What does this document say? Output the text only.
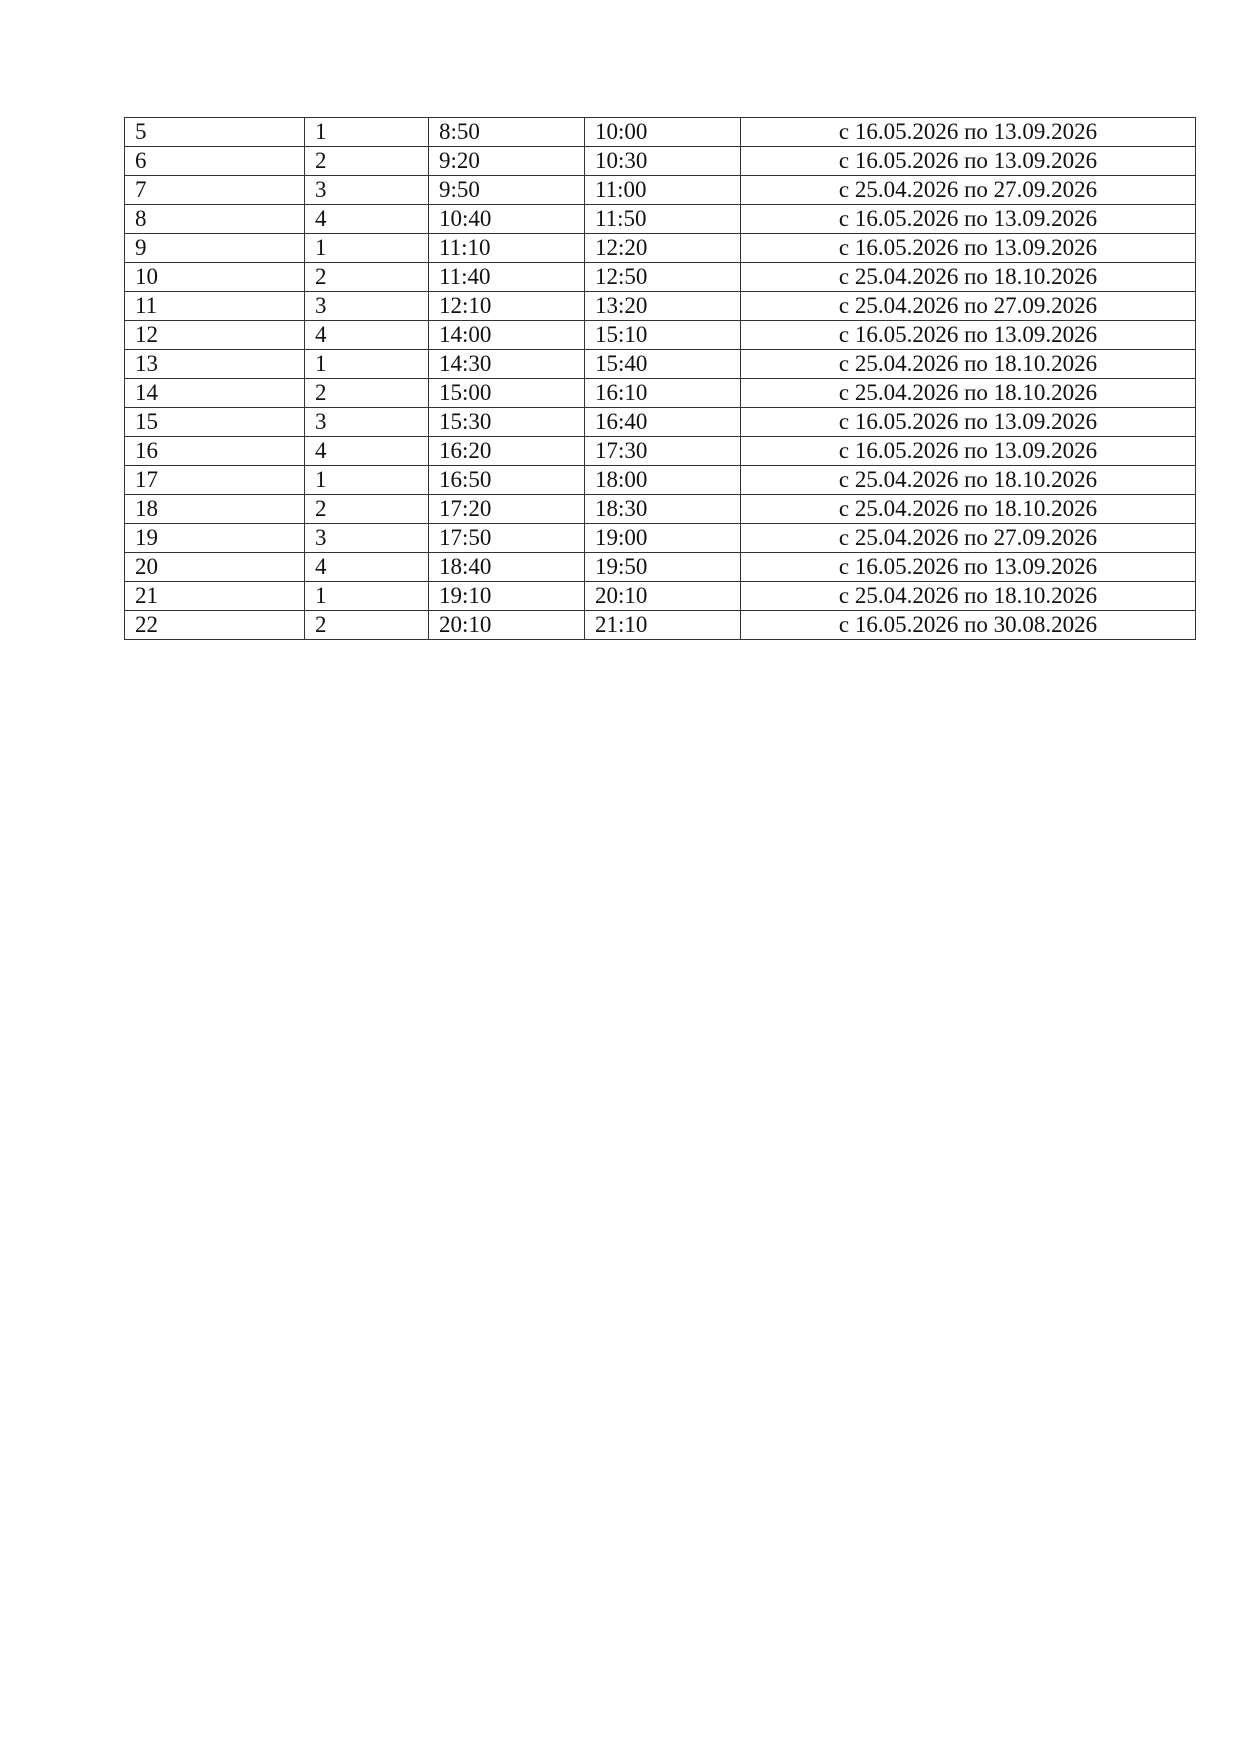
5	1	8:50	10:00	с 16.05.2026 по 13.09.2026
6	2	9:20	10:30	с 16.05.2026 по 13.09.2026
7	3	9:50	11:00	с 25.04.2026 по 27.09.2026
8	4	10:40	11:50	с 16.05.2026 по 13.09.2026
9	1	11:10	12:20	с 16.05.2026 по 13.09.2026
10	2	11:40	12:50	с 25.04.2026 по 18.10.2026
11	3	12:10	13:20	с 25.04.2026 по 27.09.2026
12	4	14:00	15:10	с 16.05.2026 по 13.09.2026
13	1	14:30	15:40	с 25.04.2026 по 18.10.2026
14	2	15:00	16:10	с 25.04.2026 по 18.10.2026
15	3	15:30	16:40	с 16.05.2026 по 13.09.2026
16	4	16:20	17:30	с 16.05.2026 по 13.09.2026
17	1	16:50	18:00	с 25.04.2026 по 18.10.2026
18	2	17:20	18:30	с 25.04.2026 по 18.10.2026
19	3	17:50	19:00	с 25.04.2026 по 27.09.2026
20	4	18:40	19:50	с 16.05.2026 по 13.09.2026
21	1	19:10	20:10	с 25.04.2026 по 18.10.2026
22	2	20:10	21:10	с 16.05.2026 по 30.08.2026
